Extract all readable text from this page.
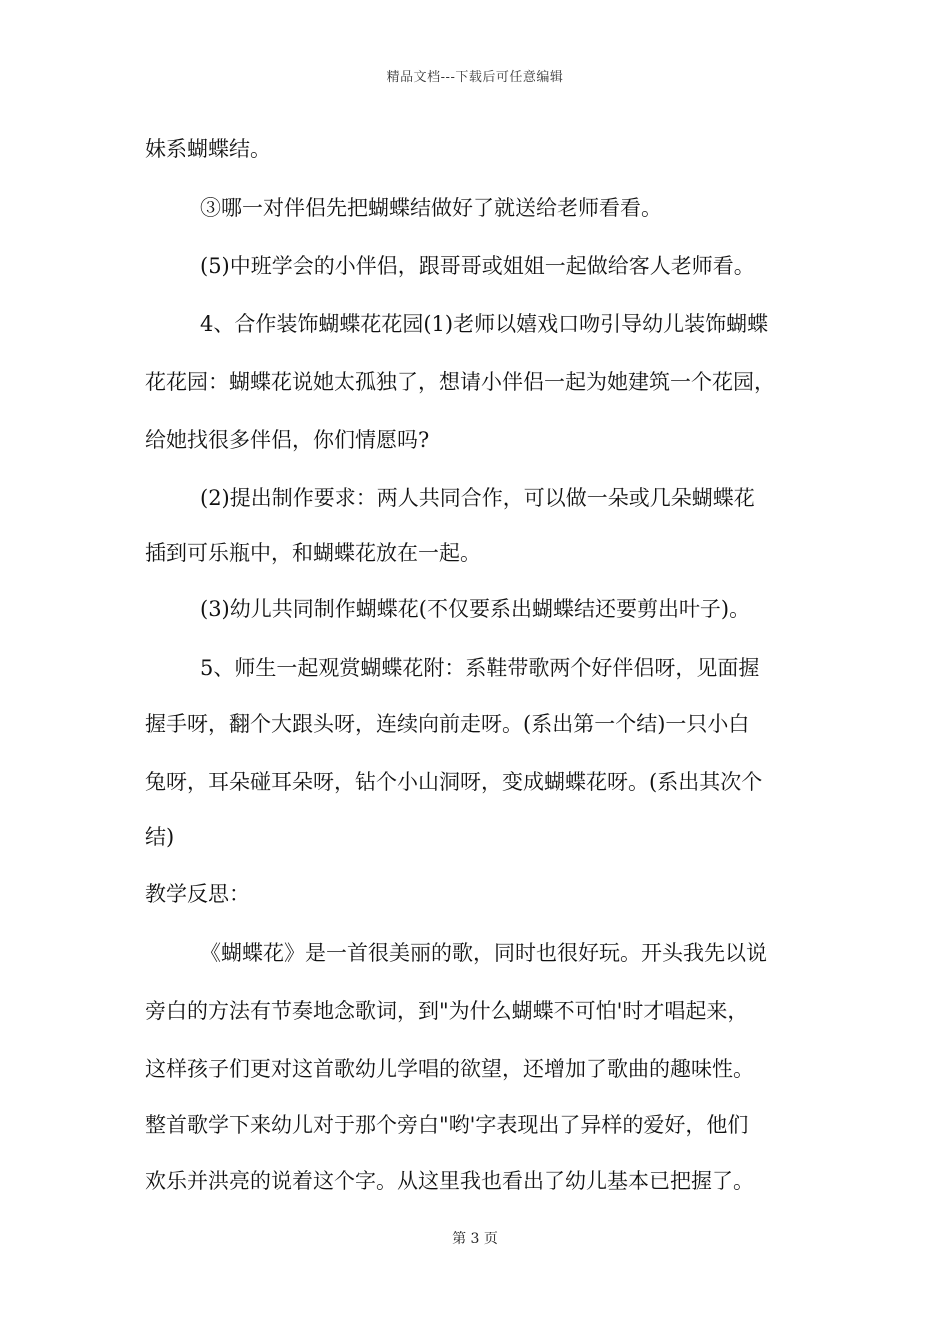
精品文档---下载后可任意编辑
妹系蝴蝶结。
③哪一对伴侣先把蝴蝶结做好了就送给老师看看。
(5)中班学会的小伴侣，跟哥哥或姐姐一起做给客人老师看。
4、合作装饰蝴蝶花花园(1)老师以嬉戏口吻引导幼儿装饰蝴蝶
花花园：蝴蝶花说她太孤独了，想请小伴侣一起为她建筑一个花园，
给她找很多伴侣，你们情愿吗?
(2)提出制作要求：两人共同合作，可以做一朵或几朵蝴蝶花
插到可乐瓶中，和蝴蝶花放在一起。
(3)幼儿共同制作蝴蝶花(不仅要系出蝴蝶结还要剪出叶子)。
5、师生一起观赏蝴蝶花附：系鞋带歌两个好伴侣呀，见面握
握手呀，翻个大跟头呀，连续向前走呀。(系出第一个结)一只小白
兔呀，耳朵碰耳朵呀，钻个小山洞呀，变成蝴蝶花呀。(系出其次个
结)
教学反思：
《蝴蝶花》是一首很美丽的歌，同时也很好玩。开头我先以说
旁白的方法有节奏地念歌词，到"为什么蝴蝶不可怕'时才唱起来，
这样孩子们更对这首歌幼儿学唱的欲望，还增加了歌曲的趣味性。
整首歌学下来幼儿对于那个旁白"哟'字表现出了异样的爱好，他们
欢乐并洪亮的说着这个字。从这里我也看出了幼儿基本已把握了。
第 3 页
